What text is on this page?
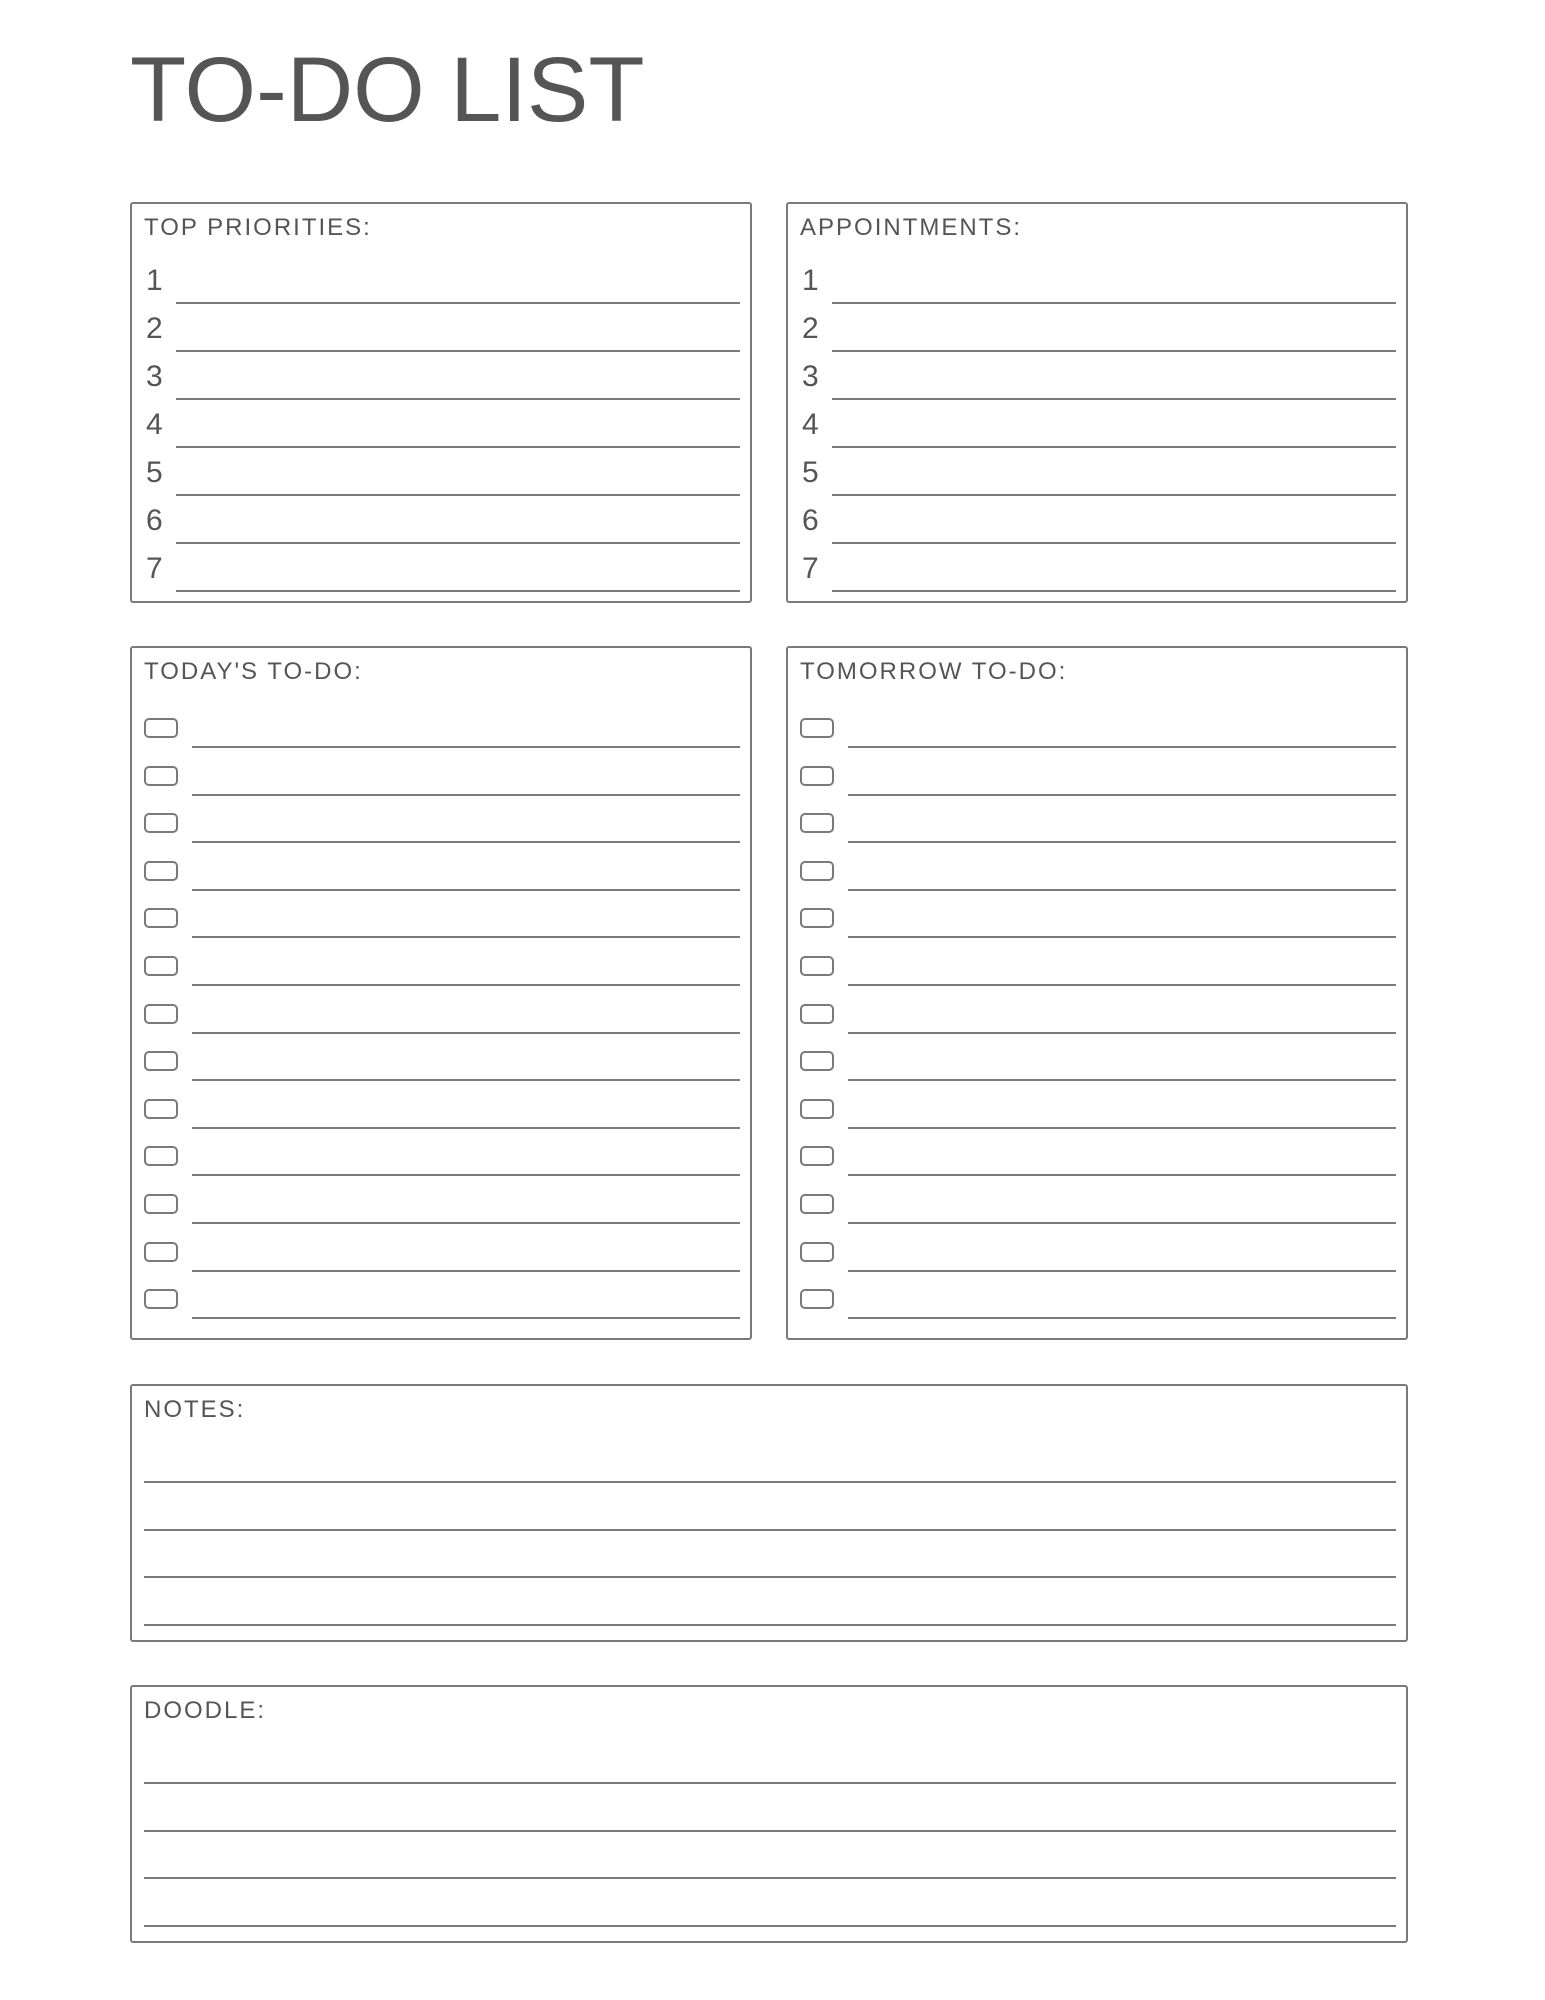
TO-DO LIST
TOP PRIORITIES:
1
2
3
4
5
6
7
APPOINTMENTS:
1
2
3
4
5
6
7
TODAY'S TO-DO:	TOMORROW TO-DO:
NOTES:
DOODLE:
